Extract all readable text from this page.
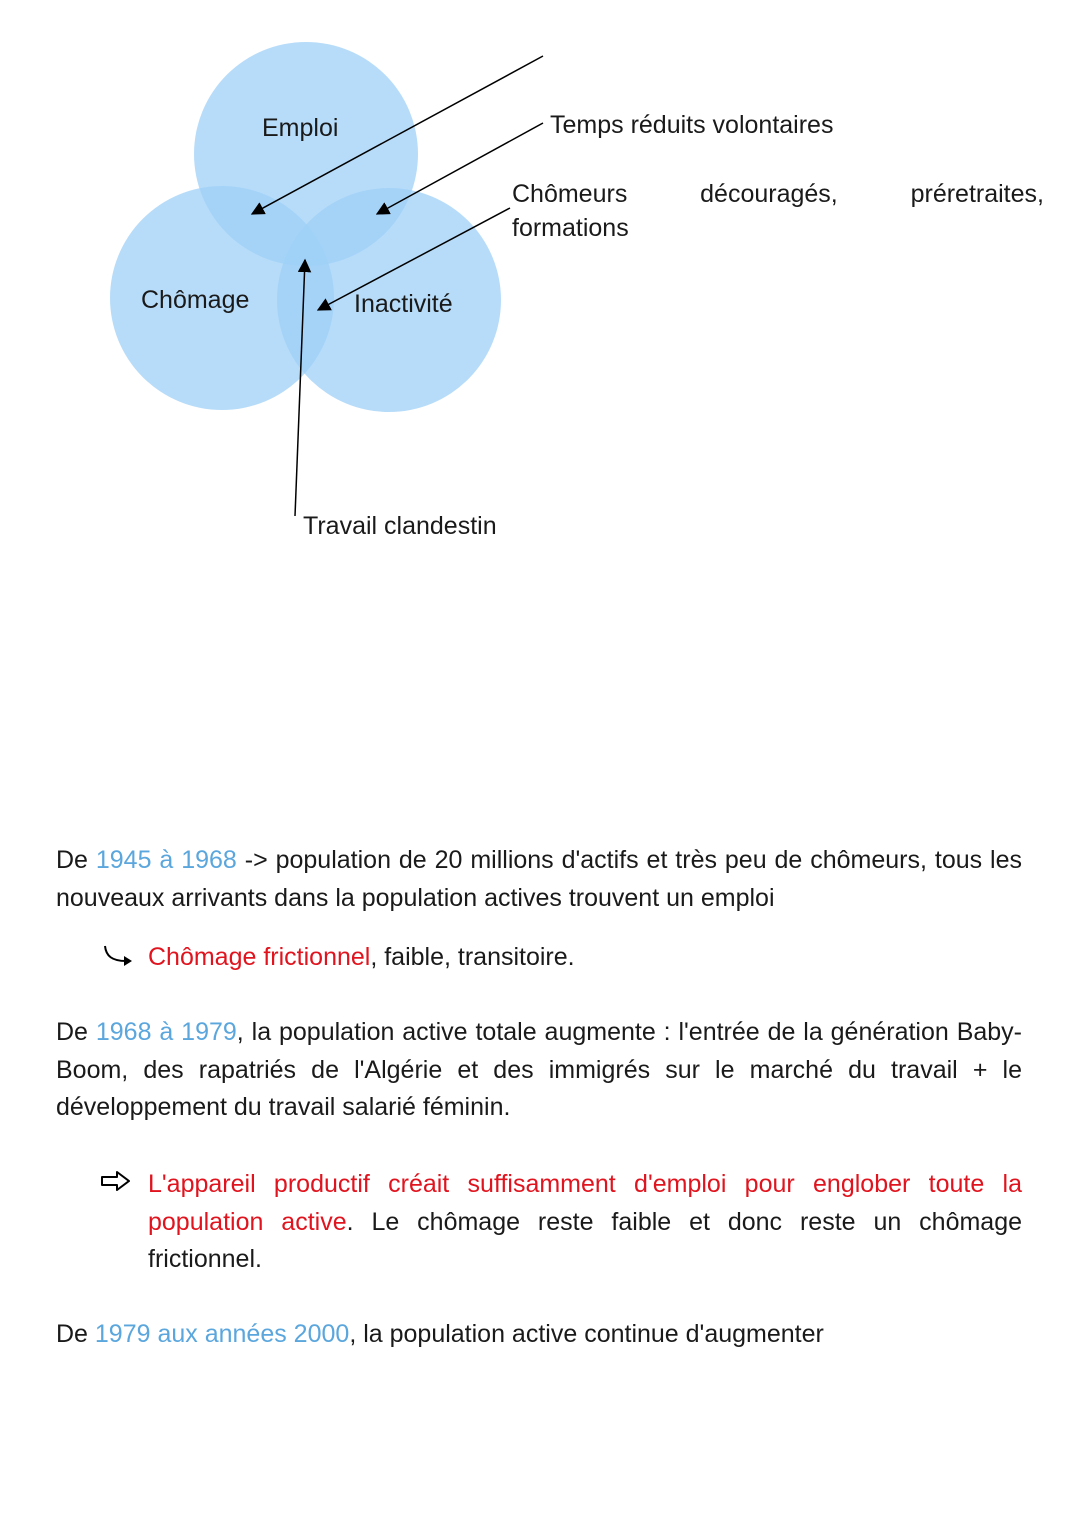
Emploi
Chômage	Inactivité
Temps réduits volontaires
Chômeurs	découragés,	préretraites,
formations
Travail clandestin
De 1945 à 1968 -> population de 20 millions d'actifs et très peu de chômeurs, tous les nouveaux arrivants dans la population actives trouvent un emploi
Chômage frictionnel, faible, transitoire.
De 1968 à 1979, la population active totale augmente : l'entrée de la génération Baby-Boom, des rapatriés de l'Algérie et des immigrés sur le marché du travail + le développement du travail salarié féminin.
L'appareil productif créait suffisamment d'emploi pour englober toute la population active. Le chômage reste faible et donc reste un chômage frictionnel.
De 1979 aux années 2000, la population active continue d'augmenter
